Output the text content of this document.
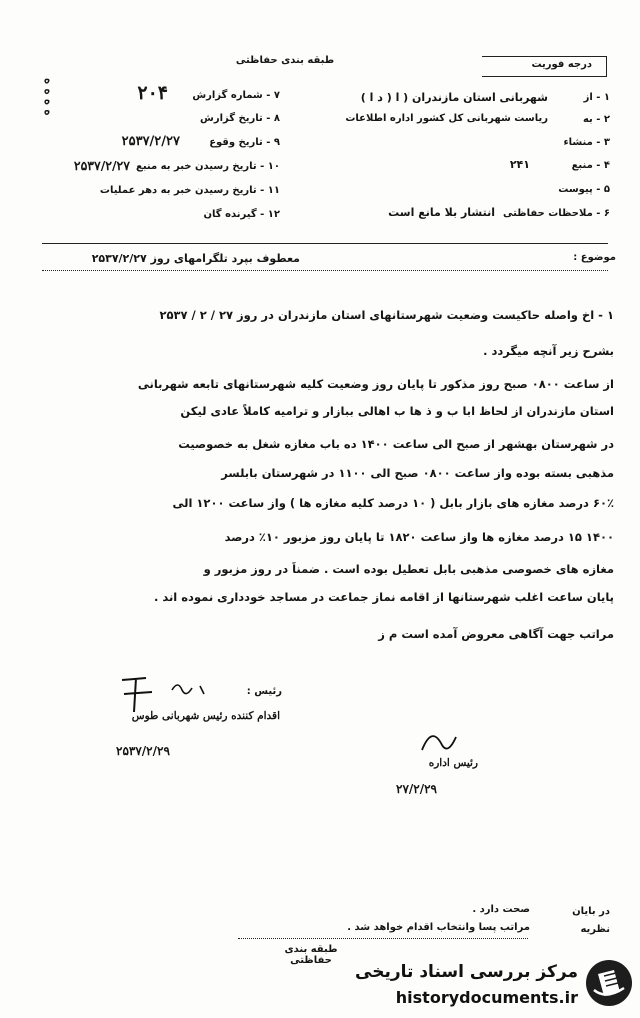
درجه فوریت
طبقه بندی حفاظتی
ه ه ه ه	۱ - از
شهربانی استان مازندران ( ا ( د ا )
۲ - به
ریاست شهربانی کل کشور اداره اطلاعات
۳ - منشاء
۴ - منبع
۲۴۱
۵ - پیوست
۶ - ملاحظات حفاظتی
انتشار بلا مانع است
۷ - شماره گزارش
۲۰۴
۸ - تاریخ گزارش
۹ - تاریخ وقوع
۲۵۳۷/۲/۲۷
۱۰ - تاریخ رسیدن خبر به منبع
۲۵۳۷/۲/۲۷
۱۱ - تاریخ رسیدن خبر به دهر عملیات
۱۲ - گیرنده گان
موضوع :
معطوف بپرد تلگرامهای روز ۲۵۳۷/۲/۲۷
۱ - اخ واصله حاکیست وضعیت شهرستانهای استان مازندران در روز ۲۷ / ۲ / ۲۵۳۷
بشرح زیر آنچه میگردد .
از ساعت ۰۸۰۰ صبح روز مذکور تا پایان روز وضعیت کلیه شهرستانهای تابعه شهربانی
استان مازندران از لحاظ ابا ب و ذ ها ب اهالی ببازار و ترامیه کاملاً عادی لیکن
در شهرستان بهشهر از صبح الی ساعت ۱۴۰۰ ده باب مغازه شغل به خصوصیت
مذهبی بسته بوده واز ساعت ۰۸۰۰ صبح الی ۱۱۰۰ در شهرستان بابلسر
۶۰٪ درصد مغازه های بازار بابل ( ۱۰ درصد کلیه مغازه ها ) واز ساعت ۱۲۰۰ الی
۱۴۰۰ ۱۵ درصد مغازه ها واز ساعت ۱۸۲۰ تا پایان روز مزبور ۱۰٪ درصد
مغازه های خصوصی مذهبی بابل تعطیل بوده است . ضمناً در روز مزبور و
پایان ساعت اغلب شهرستانها از اقامه نماز جماعت در مساجد خودداری نموده اند .
مراتب جهت آگاهی معروض آمده است م ز
رئیس :
اقدام کننده رئیس شهربانی طوس
۲۵۳۷/۲/۲۹
رئیس اداره
۲۷/۲/۲۹
در بایان
صحت دارد .
نظریه
مراتب پسا وانتخاب اقدام خواهد شد .
طبقه بندی حفاظتی
مرکز بررسی اسناد تاریخی
historydocuments.ir
